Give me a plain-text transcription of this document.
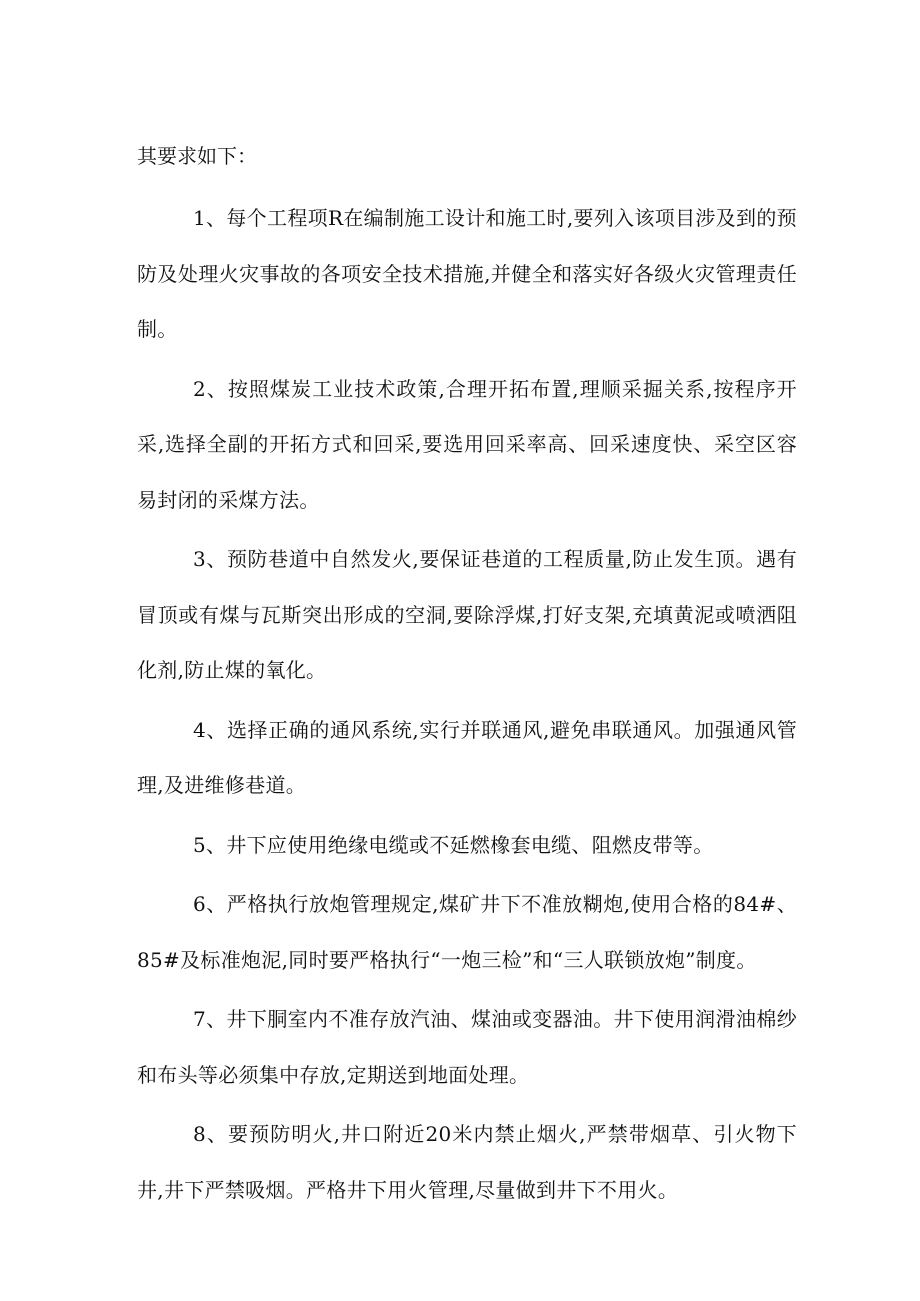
其要求如下：

1、每个工程项R在编制施工设计和施工时,要列入该项目涉及到的预防及处理火灾事故的各项安全技术措施,并健全和落实好各级火灾管理责任制。

2、按照煤炭工业技术政策,合理开拓布置,理顺采掘关系,按程序开采,选择全副的开拓方式和回采,要选用回采率高、回采速度快、采空区容易封闭的采煤方法。

3、预防巷道中自然发火,要保证巷道的工程质量,防止发生顶。遇有冒顶或有煤与瓦斯突出形成的空洞,要除浮煤,打好支架,充填黄泥或喷洒阻化剂,防止煤的氧化。

4、选择正确的通风系统,实行并联通风,避免串联通风。加强通风管理,及进维修巷道。

5、井下应使用绝缘电缆或不延燃橡套电缆、阻燃皮带等。

6、严格执行放炮管理规定,煤矿井下不准放糊炮,使用合格的84#、85#及标准炮泥,同时要严格执行“一炮三检”和“三人联锁放炮”制度。

7、井下胴室内不准存放汽油、煤油或变器油。井下使用润滑油棉纱和布头等必须集中存放,定期送到地面处理。

8、要预防明火,井口附近20米内禁止烟火,严禁带烟草、引火物下井,井下严禁吸烟。严格井下用火管理,尽量做到井下不用火。
